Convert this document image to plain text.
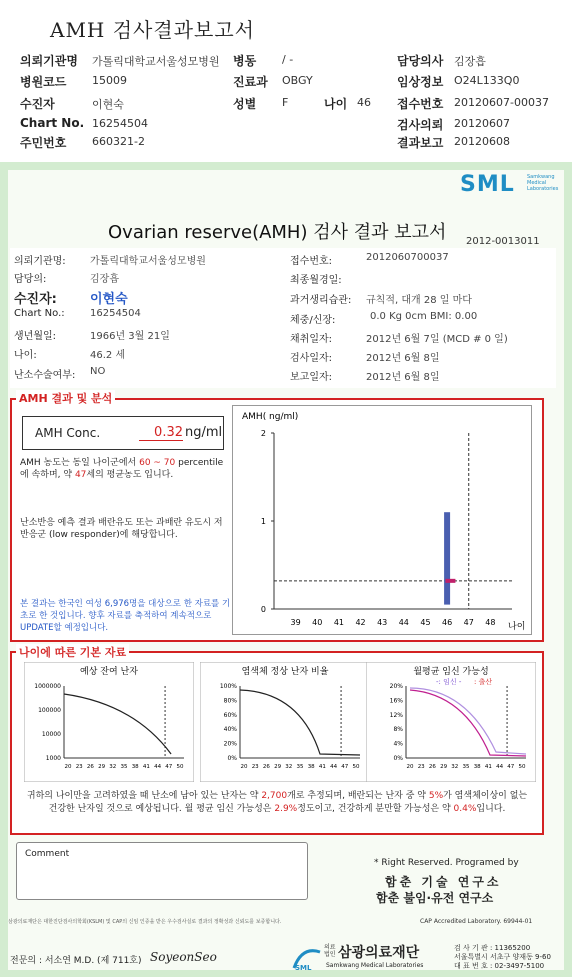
AMH 검사결과보고서
의뢰기관명 가톨릭대학교서울성모병원 병동 / -	담당의사 김장흡
병원코드 15009	진료과 OBGY	임상정보 O24L133Q0
수진자	이현숙	성별 F	나이 46 접수번호 20120607-00037
Chart No. 16254504	검사의뢰 20120607
주민번호 660321-2	결과보고 20120608
SML Samkwang Medical Laboratories
Ovarian reserve(AMH) 검사 결과 보고서 2012-0013011
의뢰기관명: 가톨릭대학교서울성모병원
담당의:	김장흡
수진자:	이현숙
Chart No.:	16254504
생년월일:	1966년 3월 21일
나이:	46.2 세
난소수술여부: NO
접수번호:	2012060700037
최종월경일:
과거생리습관: 규칙적, 대개 28 일 마다
체중/신장:	0.0 Kg 0cm BMI: 0.00
채취일자:	2012년 6월 7일 (MCD # 0 일)
검사일자:	2012년 6월 8일
보고일자:	2012년 6월 8일
AMH 결과 및 분석
AMH Conc.	0.32 ng/ml
AMH 농도는 동일 나이군에서 60 ~ 70 percentile에 속하며, 약 47세의 평균농도 입니다.
난소반응 예측 결과 배란유도 또는 과배란 유도시 저반응군 (low responder)에 해당합니다.
본 결과는 한국인 여성 6,976명을 대상으로 한 자료를 기초로 한 것입니다. 향후 자료를 축적하여 계속적으로 UPDATE할 예정입니다.
AMH( ng/ml)
나이
0
1
2
39 40 41 42 43 44 45 46 47 48
나이에 따른 기본 자료
예상 잔여 난자
1000000
100000
10000
1000
20 23 26 29 32 35 38 41 44 47 50
염색체 정상 난자 비율
100%
80%
60%
40%
20%
0%
20 23 26 29 32 35 38 41 44 47 50
월평균 임신 가능성
20%
16%
12%
8%
4%
0%
20 23 26 29 32 35 38 41 44 47 50
-: 임신 - : 출산
귀하의 나이만을 고려하였을 때 난소에 남아 있는 난자는 약 2,700개로 추정되며, 배란되는 난자 중 약 5%가 염색체이상이 없는 건강한 난자일 것으로 예상됩니다. 월 평균 임신 가능성은 2.9%정도이고, 건강하게 분만할 가능성은 약 0.4%입니다.
Comment
* Right Reserved. Programed by
함춘 기술 연구소
함춘 불임·유전 연구소
삼광의료재단은 대한진단검사의학회(KSLM) 및 CAP의 신임 인증을 받은 우수검사실로 결과의 정확성과 신뢰도를 보증합니다.	CAP Accredited Laboratory. 69944-01
전문의 : 서소연 M.D. (제 711호) SoyeonSeo
SML
의료 법인 삼광의료재단
Samkwang Medical Laboratories
검 사 기 관 : 11365200
서울특별시 서초구 양재동 9-60
대 표 번 호 : 02-3497-5100
